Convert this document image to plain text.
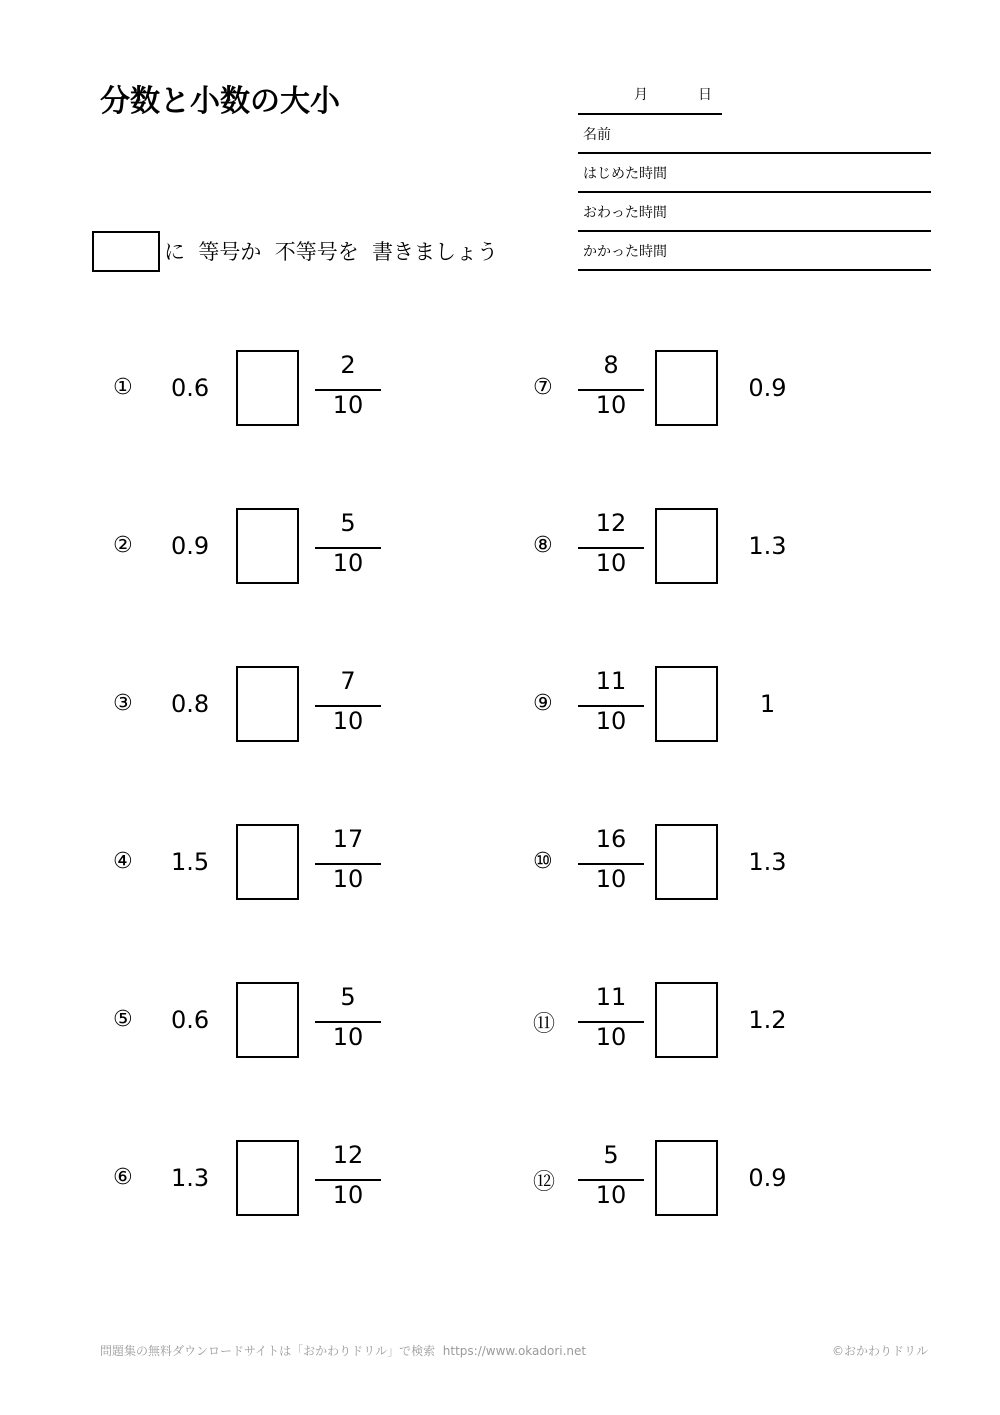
分数と小数の大小	月	日
名前
はじめた時間
おわった時間
かかった時間
に  等号か  不等号を  書きましょう
① 0.6
2
10
② 0.9
5
10
③ 0.8
7
10
④ 1.5
17
10
⑤ 0.6
5
10
⑥ 1.3
12
10
⑦
8
10
0.9
⑧
12
10
1.3
⑨
11
10
1
⑩
16
10
1.3
⑪
11
10
1.2
⑫
5
10
0.9
問題集の無料ダウンロードサイトは「おかわりドリル」で検索  https://www.okadori.net	©おかわりドリル
